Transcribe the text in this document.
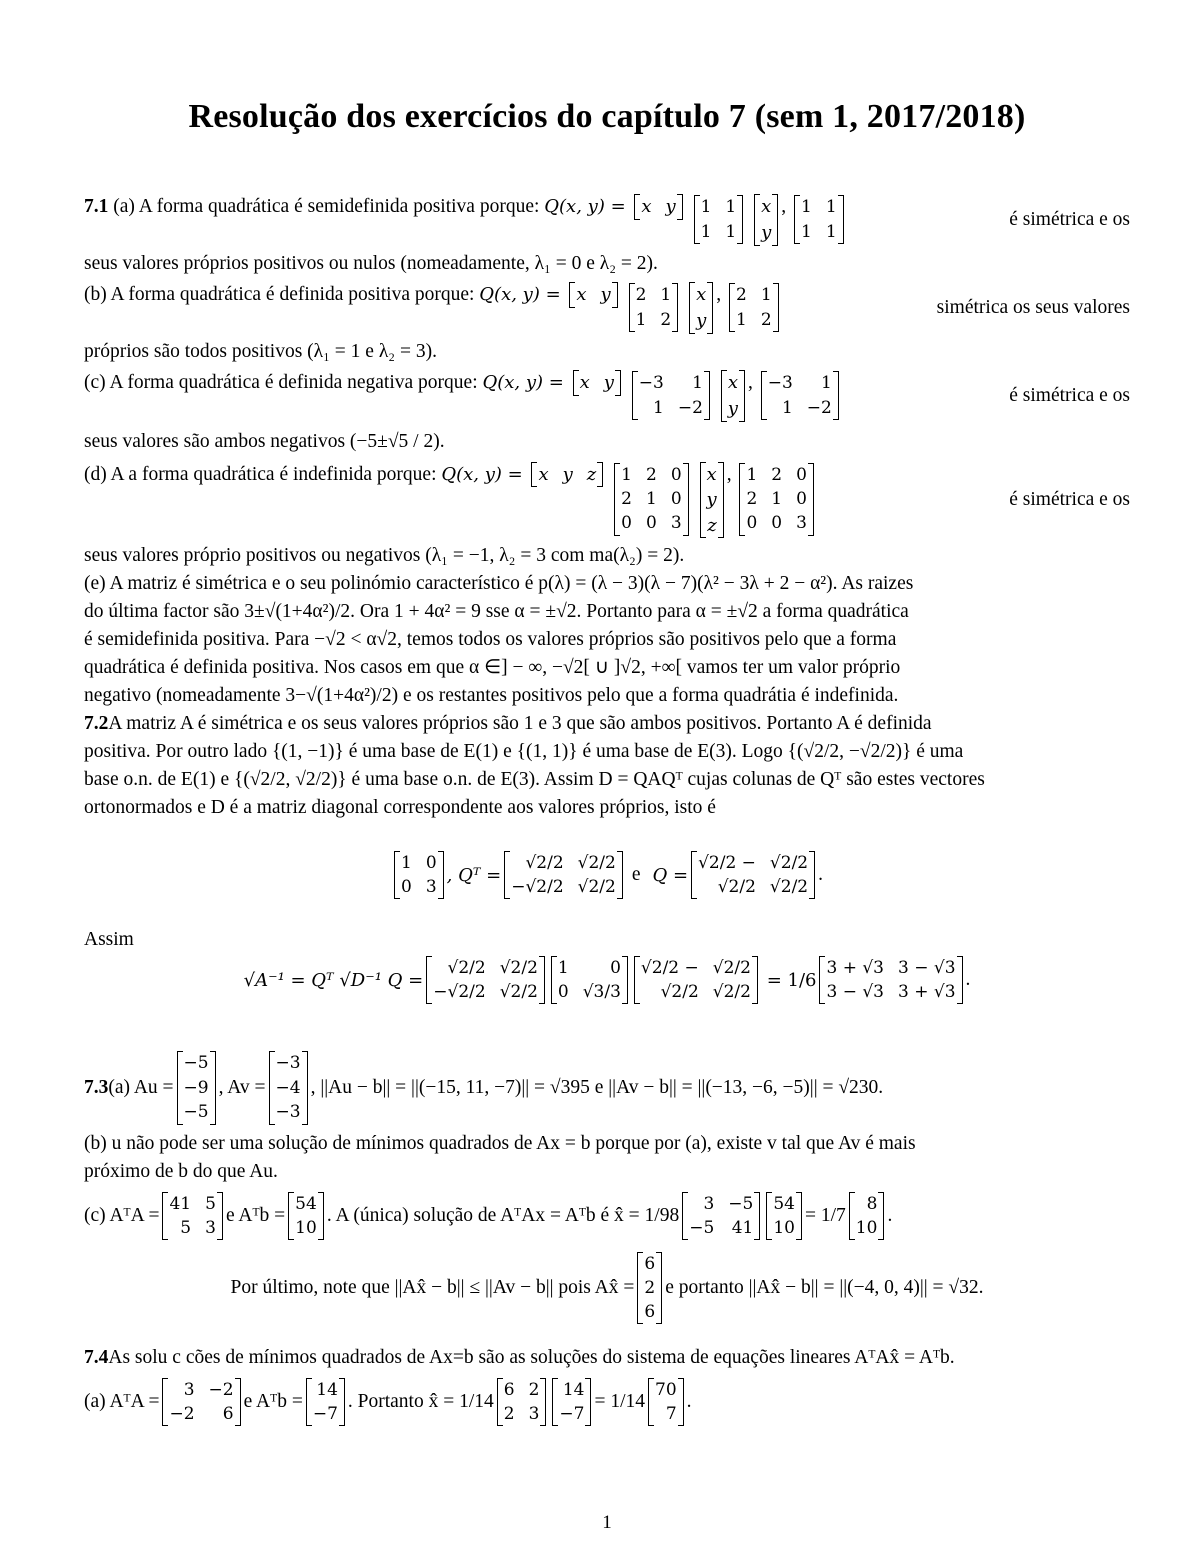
Resolução dos exercícios do capítulo 7 (sem 1, 2017/2018)
7.1 (a) A forma quadrática é semidefinida positiva porque: Q(x, y) = x y
1 1
1 1

x
y
, 1 1
1 1
é simétrica e os
seus valores próprios positivos ou nulos (nomeadamente, λ₁ = 0 e λ₂ = 2).
(b) A forma quadrática é definida positiva porque: Q(x, y) = x y
2 1
1 2

x
y
, 2 1
1 2
simétrica os seus valores
próprios são todos positivos (λ₁ = 1 e λ₂ = 3).
(c) A forma quadrática é definida negativa porque: Q(x, y) = x y
−3 1
1 −2

x
y
, −3 1
1 −2
é simétrica e os
seus valores são ambos negativos (−5±√5 / 2).
(d) A a forma quadrática é indefinida porque: Q(x, y) = x y z
1 2 0
2 1 0
0 0 3

x
y
z
, 1 2 0
2 1 0
0 0 3
é simétrica e os
seus valores próprio positivos ou negativos (λ₁ = −1, λ₂ = 3 com ma(λ₂) = 2).
(e) A matriz é simétrica e o seu polinómio característico é p(λ) = (λ − 3)(λ − 7)(λ² − 3λ + 2 − α²). As raizes
do última factor são 3±√(1+4α²)/2. Ora 1 + 4α² = 9 sse α = ±√2. Portanto para α = ±√2 a forma quadrática
é semidefinida positiva. Para −√2 < α√2, temos todos os valores próprios são positivos pelo que a forma
quadrática é definida positiva. Nos casos em que α ∈] − ∞, −√2[ ∪ ]√2, +∞[ vamos ter um valor próprio
negativo (nomeadamente 3−√(1+4α²)/2) e os restantes positivos pelo que a forma quadrátia é indefinida.
7.2 A matriz A é simétrica e os seus valores próprios são 1 e 3 que são ambos positivos. Portanto A é definida
positiva. Por outro lado {(1, −1)} é uma base de E(1) e {(1, 1)} é uma base de E(3). Logo {(√2/2, −√2/2)} é uma
base o.n. de E(1) e {(√2/2, √2/2)} é uma base o.n. de E(3). Assim D = QAQᵀ cujas colunas de Qᵀ são estes vectores
ortonormados e D é a matriz diagonal correspondente aos valores próprios, isto é
1 0
0 3
, Qᵀ =
√2/2 √2/2
−√2/2 √2/2
e Q =
√2/2 − √2/2
√2/2 √2/2
.
Assim
√A⁻¹ = Qᵀ √D⁻¹ Q =
√2/2 √2/2
−√2/2 √2/2
1 0
0 √3/3
√2/2 − √2/2
√2/2 √2/2
= 1/6
3 + √3 3 − √3
3 − √3 3 + √3
.
7.3 (a) Au =
−5
−9
−5
, Av =
−3
−4
−3
, ||Au − b|| = ||(−15, 11, −7)|| = √395 e ||Av − b|| = ||(−13, −6, −5)|| = √230.
(b) u não pode ser uma solução de mínimos quadrados de Ax = b porque por (a), existe v tal que Av é mais
próximo de b do que Au.
(c) AᵀA =
41 5
5 3
e Aᵀb =
54
10
. A (única) solução de AᵀAx = Aᵀb é x̂ = 1/98
3 −5
−5 41
54
10
= 1/7
8
10
.
Por último, note que ||Ax̂ − b|| ≤ ||Av − b|| pois Ax̂ =
6
2
6
e portanto ||Ax̂ − b|| = ||(−4, 0, 4)|| = √32.
7.4 As solu c cões de mínimos quadrados de Ax=b são as soluções do sistema de equações lineares AᵀAx̂ = Aᵀb.
(a) AᵀA =
3 −2
−2 6
e Aᵀb =
14
−7
. Portanto x̂ = 1/14
6 2
2 3
14
−7
= 1/14
70
7
.
1
